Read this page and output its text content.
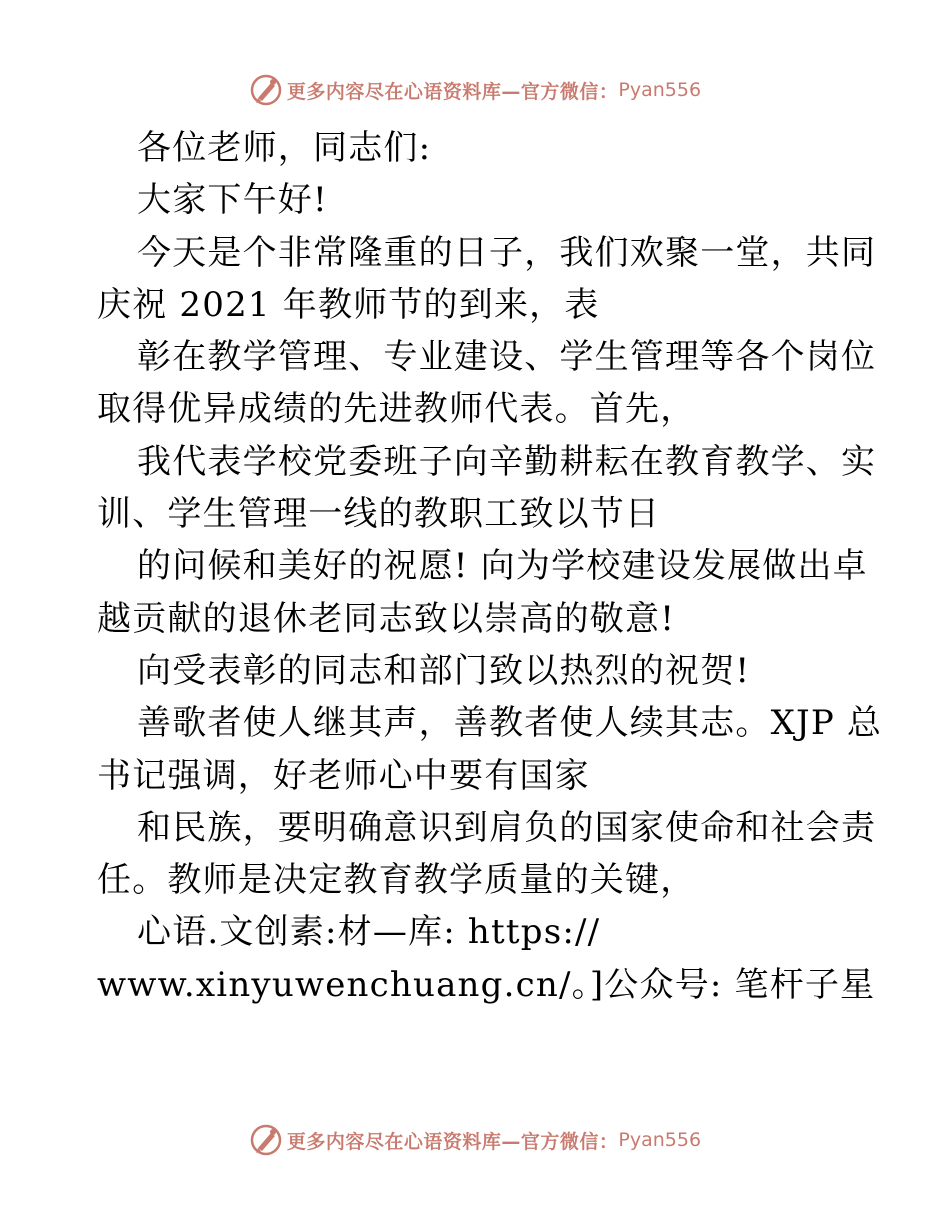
更多内容尽在心语资料库—官方微信： Pyan556
各位老师，同志们:
大家下午好!
今天是个非常隆重的日子，我们欢聚一堂，共同
庆祝 2021 年教师节的到来，表
彰在教学管理、专业建设、学生管理等各个岗位
取得优异成绩的先进教师代表。首先，
我代表学校党委班子向辛勤耕耘在教育教学、实
训、学生管理一线的教职工致以节日
的问候和美好的祝愿! 向为学校建设发展做出卓
越贡献的退休老同志致以崇高的敬意!
向受表彰的同志和部门致以热烈的祝贺!
善歌者使人继其声，善教者使人续其志。XJP 总
书记强调，好老师心中要有国家
和民族，要明确意识到肩负的国家使命和社会责
任。教师是决定教育教学质量的关键，
心语.文创素:材—库: https://
www.xinyuwenchuang.cn/。]公众号: 笔杆子星
更多内容尽在心语资料库—官方微信： Pyan556
